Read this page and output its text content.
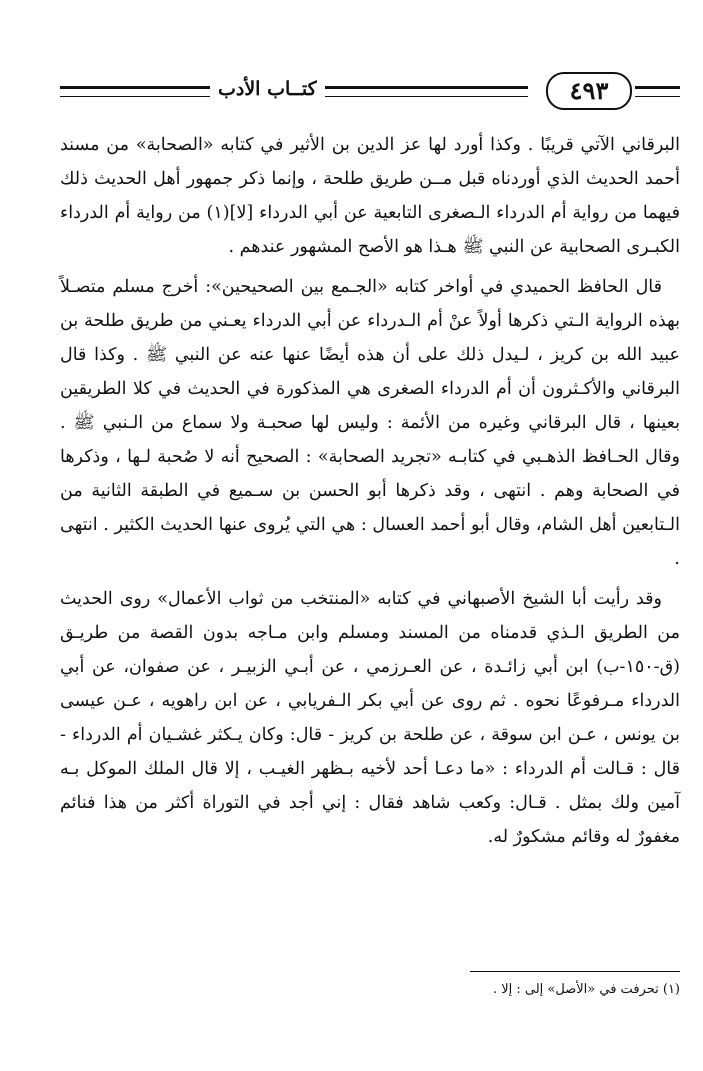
كتــاب الأدب	٤٩٣

البرقاني الآتي قريبًا . وكذا أورد لها عز الدين بن الأثير في كتابه «الصحابة» من مسند أحمد الحديث الذي أوردناه قبل مــن طريق طلحة ، وإنما ذكر جمهور أهل الحديث ذلك فيهما من رواية أم الدرداء الـصغرى التابعية عن أبي الدرداء [لا](١) من رواية أم الدرداء الكبـرى الصحابية عن النبي ﷺ هـذا هو الأصح المشهور عندهم .

قال الحافظ الحميدي في أواخر كتابه «الجـمع بين الصحيحين»: أخرج مسلم متصـلاً بهذه الرواية الـتي ذكرها أولاً عنْ أم الـدرداء عن أبي الدرداء يعـني من طريق طلحة بن عبيد الله بن كريز ، لـيدل ذلك على أن هذه أيضًا عنها عنه عن النبي ﷺ . وكذا قال البرقاني والأكـثرون أن أم الدرداء الصغرى هي المذكورة في الحديث في كلا الطريقين بعينها ، قال البرقاني وغيره من الأئمة : وليس لها صحبـة ولا سماع من الـنبي ﷺ . وقال الحـافظ الذهـبي في كتابـه «تجريد الصحابة» : الصحيح أنه لا صُحبة لـها ، وذكرها في الصحابة وهم . انتهى ، وقد ذكرها أبو الحسن بن سـميع في الطبقة الثانية من الـتابعين أهل الشام، وقال أبو أحمد العسال : هي التي يُروى عنها الحديث الكثير . انتهى .

وقد رأيت أبا الشيخ الأصبهاني في كتابه «المنتخب من ثواب الأعمال» روى الحديث من الطريق الـذي قدمناه من المسند ومسلم وابن مـاجه بدون القصة من طريـق (ق-١٥٠-ب) ابن أبي زائـدة ، عن العـرزمي ، عن أبـي الزبيـر ، عن صفوان، عن أبي الدرداء مـرفوعًا نحوه . ثم روى عن أبي بكر الـفريابي ، عن ابن راهويه ، عـن عيسى بن يونس ، عـن ابن سوقة ، عن طلحة بن كريز - قال: وكان يـكثر غشـيان أم الدرداء - قال : قـالت أم الدرداء : «ما دعـا أحد لأخيه بـظهر الغيـب ، إلا قال الملك الموكل بـه آمين ولك بمثل . قـال: وكعب شاهد فقال : إني أجد في التوراة أكثر من هذا فنائم مغفورٌ له وقائم مشكورٌ له.

(١) تحرفت في «الأصل» إلى : إلا .
